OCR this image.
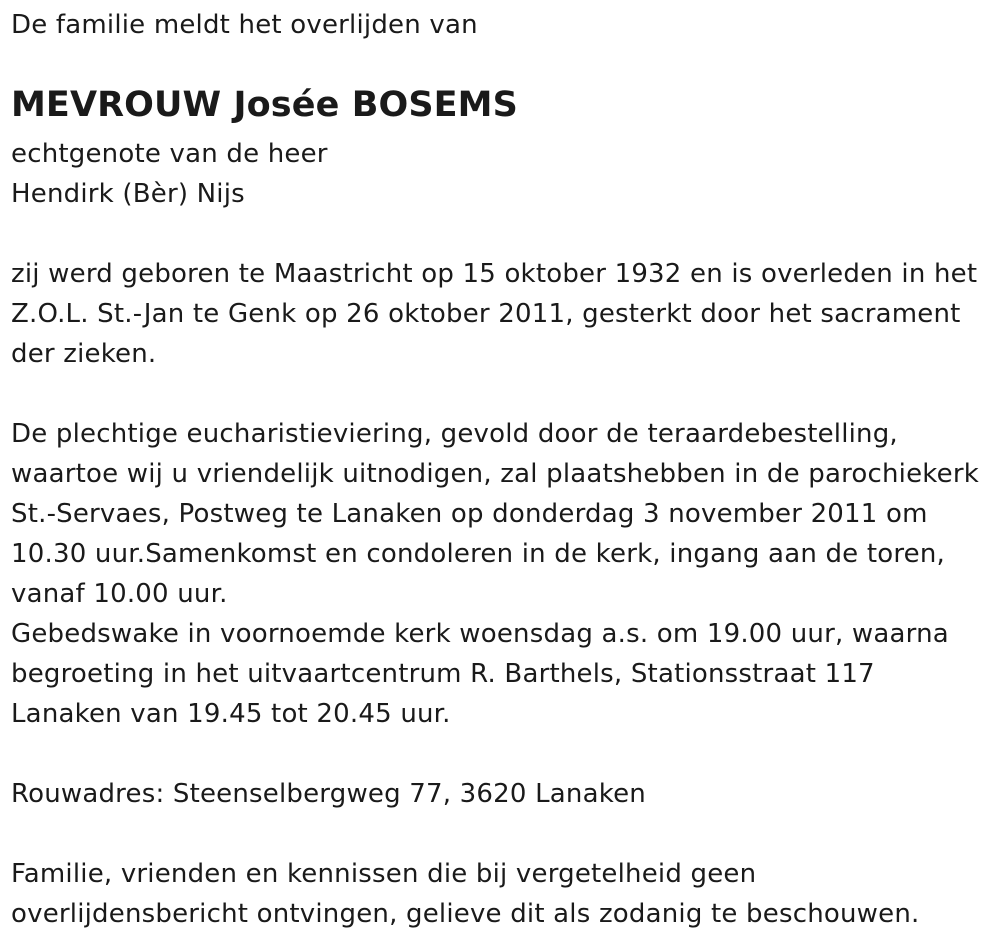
De familie meldt het overlijden van
MEVROUW Josée BOSEMS
echtgenote van de heer
Hendirk (Bèr) Nijs
zij werd geboren te Maastricht op 15 oktober 1932 en is overleden in het
Z.O.L. St.-Jan te Genk op 26 oktober 2011, gesterkt door het sacrament
der zieken.
De plechtige eucharistieviering, gevold door de teraardebestelling,
waartoe wij u vriendelijk uitnodigen, zal plaatshebben in de parochiekerk
St.-Servaes, Postweg te Lanaken op donderdag 3 november 2011 om
10.30 uur.Samenkomst en condoleren in de kerk, ingang aan de toren,
vanaf 10.00 uur.
Gebedswake in voornoemde kerk woensdag a.s. om 19.00 uur, waarna
begroeting in het uitvaartcentrum R. Barthels, Stationsstraat 117
Lanaken van 19.45 tot 20.45 uur.
Rouwadres: Steenselbergweg 77, 3620 Lanaken
Familie, vrienden en kennissen die bij vergetelheid geen
overlijdensbericht ontvingen, gelieve dit als zodanig te beschouwen.
